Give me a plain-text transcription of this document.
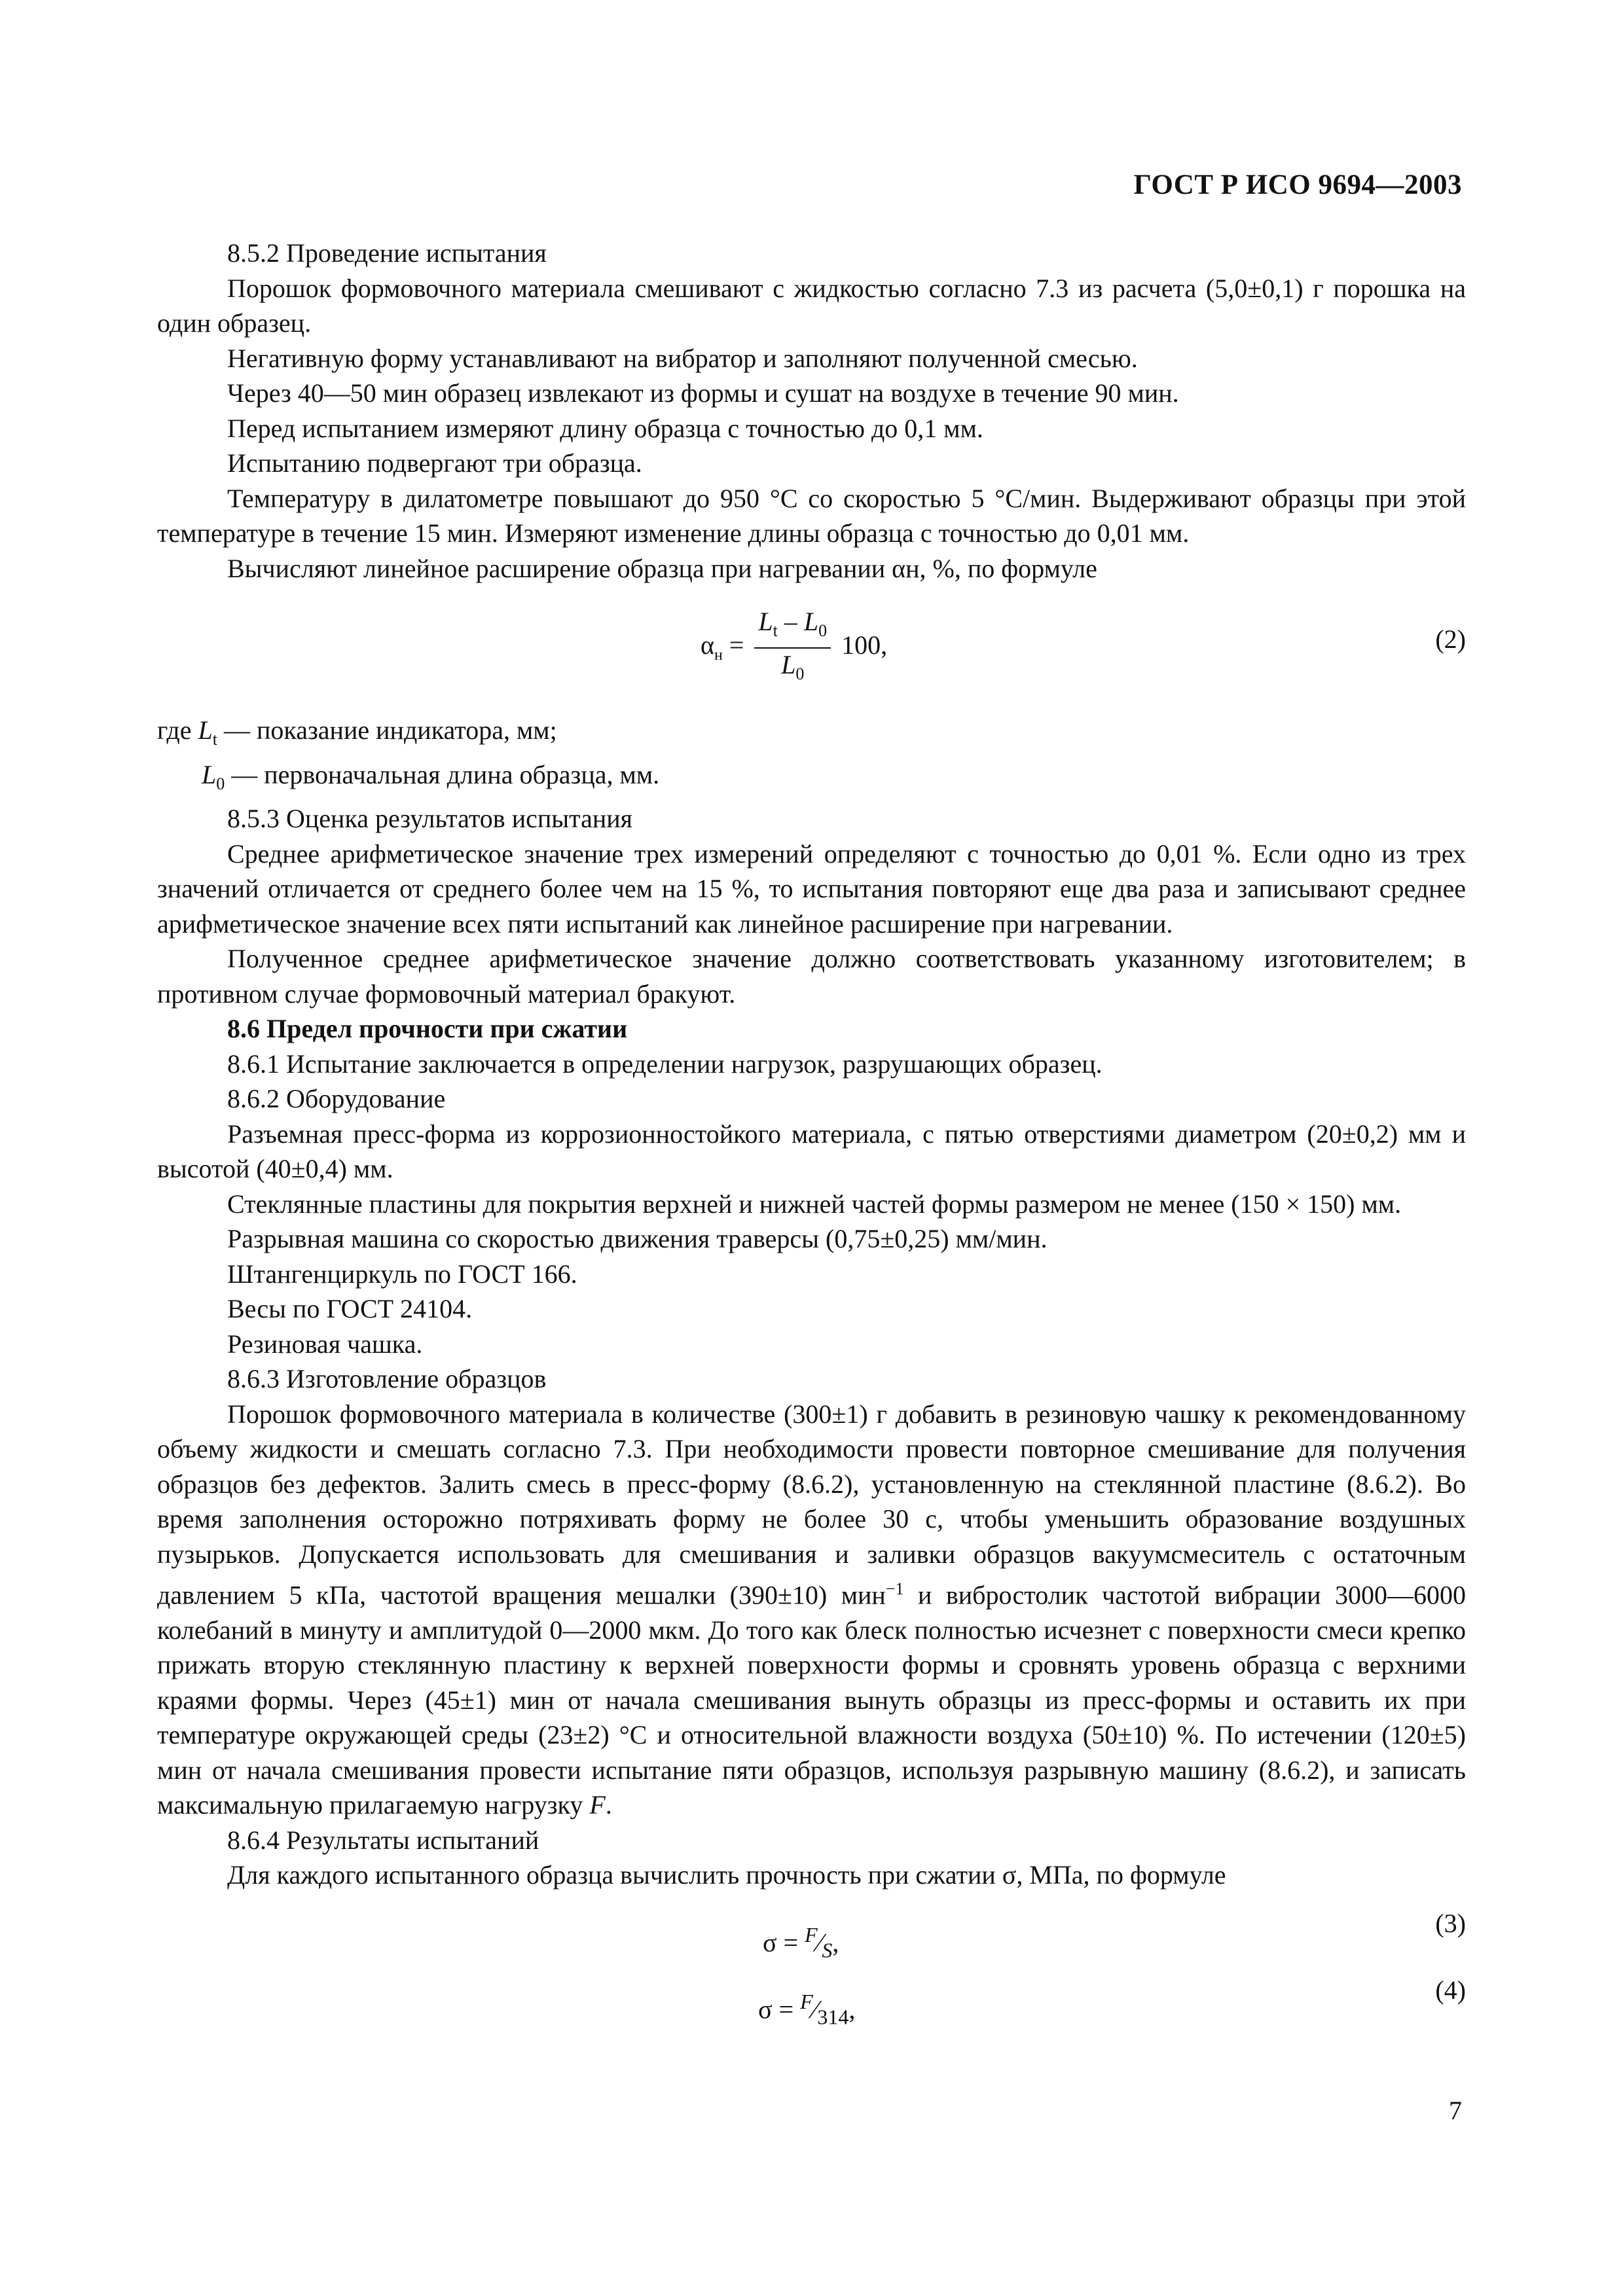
ГОСТ Р ИСО 9694—2003

8.5.2 Проведение испытания

Порошок формовочного материала смешивают с жидкостью согласно 7.3 из расчета (5,0±0,1) г порошка на один образец.

Негативную форму устанавливают на вибратор и заполняют полученной смесью.

Через 40—50 мин образец извлекают из формы и сушат на воздухе в течение 90 мин.

Перед испытанием измеряют длину образца с точностью до 0,1 мм.

Испытанию подвергают три образца.

Температуру в дилатометре повышают до 950 °С со скоростью 5 °С/мин. Выдерживают образцы при этой температуре в течение 15 мин. Измеряют изменение длины образца с точностью до 0,01 мм.

Вычисляют линейное расширение образца при нагревании αн, %, по формуле

$\alpha_н = \frac{L_t - L_0}{L_0} 100$,	(2)

где $L_t$ — показание индикатора, мм;

$L_0$ — первоначальная длина образца, мм.

8.5.3 Оценка результатов испытания

Среднее арифметическое значение трех измерений определяют с точностью до 0,01 %. Если одно из трех значений отличается от среднего более чем на 15 %, то испытания повторяют еще два раза и записывают среднее арифметическое значение всех пяти испытаний как линейное расширение при нагревании.

Полученное среднее арифметическое значение должно соответствовать указанному изготовителем; в противном случае формовочный материал бракуют.

8.6 Предел прочности при сжатии

8.6.1 Испытание заключается в определении нагрузок, разрушающих образец.

8.6.2 Оборудование

Разъемная пресс-форма из коррозионностойкого материала, с пятью отверстиями диаметром (20±0,2) мм и высотой (40±0,4) мм.

Стеклянные пластины для покрытия верхней и нижней частей формы размером не менее (150 × 150) мм.

Разрывная машина со скоростью движения траверсы (0,75±0,25) мм/мин.

Штангенциркуль по ГОСТ 166.

Весы по ГОСТ 24104.

Резиновая чашка.

8.6.3 Изготовление образцов

Порошок формовочного материала в количестве (300±1) г добавить в резиновую чашку к рекомендованному объему жидкости и смешать согласно 7.3. При необходимости провести повторное смешивание для получения образцов без дефектов. Залить смесь в пресс-форму (8.6.2), установленную на стеклянной пластине (8.6.2). Во время заполнения осторожно потряхивать форму не более 30 с, чтобы уменьшить образование воздушных пузырьков. Допускается использовать для смешивания и заливки образцов вакуумсмеситель с остаточным давлением 5 кПа, частотой вращения мешалки (390±10) мин$^{-1}$ и вибростолик частотой вибрации 3000—6000 колебаний в минуту и амплитудой 0—2000 мкм. До того как блеск полностью исчезнет с поверхности смеси крепко прижать вторую стеклянную пластину к верхней поверхности формы и сровнять уровень образца с верхними краями формы. Через (45±1) мин от начала смешивания вынуть образцы из пресс-формы и оставить их при температуре окружающей среды (23±2) °С и относительной влажности воздуха (50±10) %. По истечении (120±5) мин от начала смешивания провести испытание пяти образцов, используя разрывную машину (8.6.2), и записать максимальную прилагаемую нагрузку F.

8.6.4 Результаты испытаний

Для каждого испытанного образца вычислить прочность при сжатии σ, МПа, по формуле

$\sigma = ^F⁄_S$,
(3)
$\sigma = ^F⁄_{314}$,
(4)
7
